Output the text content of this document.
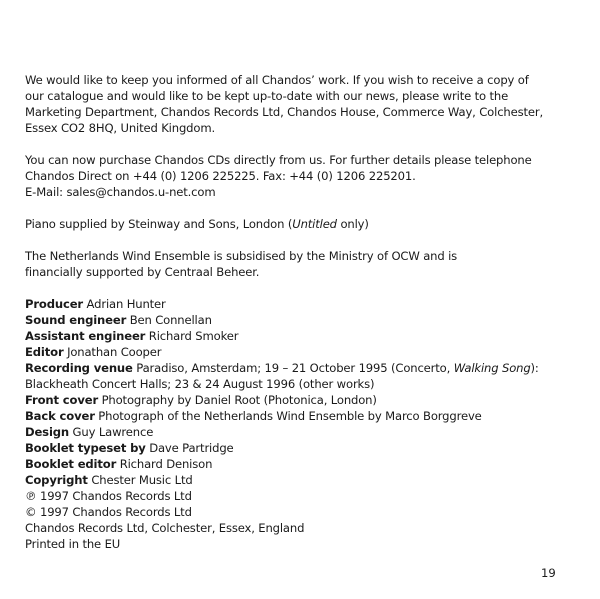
We would like to keep you informed of all Chandos’ work. If you wish to receive a copy of
our catalogue and would like to be kept up-to-date with our news, please write to the
Marketing Department, Chandos Records Ltd, Chandos House, Commerce Way, Colchester,
Essex CO2 8HQ, United Kingdom.

You can now purchase Chandos CDs directly from us. For further details please telephone
Chandos Direct on +44 (0) 1206 225225. Fax: +44 (0) 1206 225201.
E-Mail: sales@chandos.u-net.com

Piano supplied by Steinway and Sons, London (Untitled only)

The Netherlands Wind Ensemble is subsidised by the Ministry of OCW and is
financially supported by Centraal Beheer.

Producer Adrian Hunter
Sound engineer Ben Connellan
Assistant engineer Richard Smoker
Editor Jonathan Cooper
Recording venue Paradiso, Amsterdam; 19 – 21 October 1995 (Concerto, Walking Song):
Blackheath Concert Halls; 23 & 24 August 1996 (other works)
Front cover Photography by Daniel Root (Photonica, London)
Back cover Photograph of the Netherlands Wind Ensemble by Marco Borggreve
Design Guy Lawrence
Booklet typeset by Dave Partridge
Booklet editor Richard Denison
Copyright Chester Music Ltd
℗ 1997 Chandos Records Ltd
© 1997 Chandos Records Ltd
Chandos Records Ltd, Colchester, Essex, England
Printed in the EU
19
